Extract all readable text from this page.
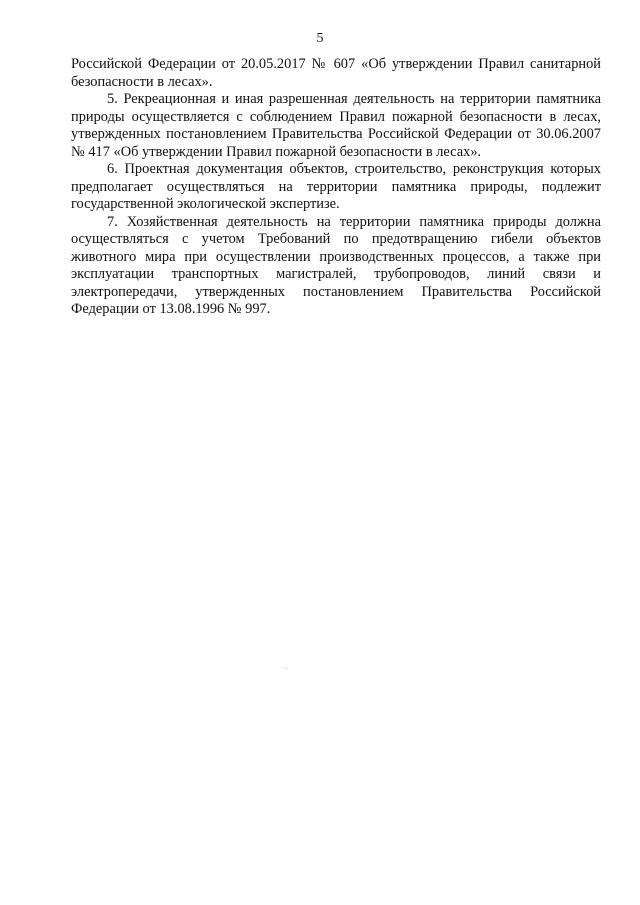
5

Российской Федерации от 20.05.2017 № 607 «Об утверждении Правил санитарной безопасности в лесах».

5. Рекреационная и иная разрешенная деятельность на территории памятника природы осуществляется с соблюдением Правил пожарной безопасности в лесах, утвержденных постановлением Правительства Российской Федерации от 30.06.2007 № 417 «Об утверждении Правил пожарной безопасности в лесах».

6. Проектная документация объектов, строительство, реконструкция которых предполагает осуществляться на территории памятника природы, подлежит государственной экологической экспертизе.

7. Хозяйственная деятельность на территории памятника природы должна осуществляться с учетом Требований по предотвращению гибели объектов животного мира при осуществлении производственных процессов, а также при эксплуатации транспортных магистралей, трубопроводов, линий связи и электропередачи, утвержденных постановлением Правительства Российской Федерации от 13.08.1996 № 997.
